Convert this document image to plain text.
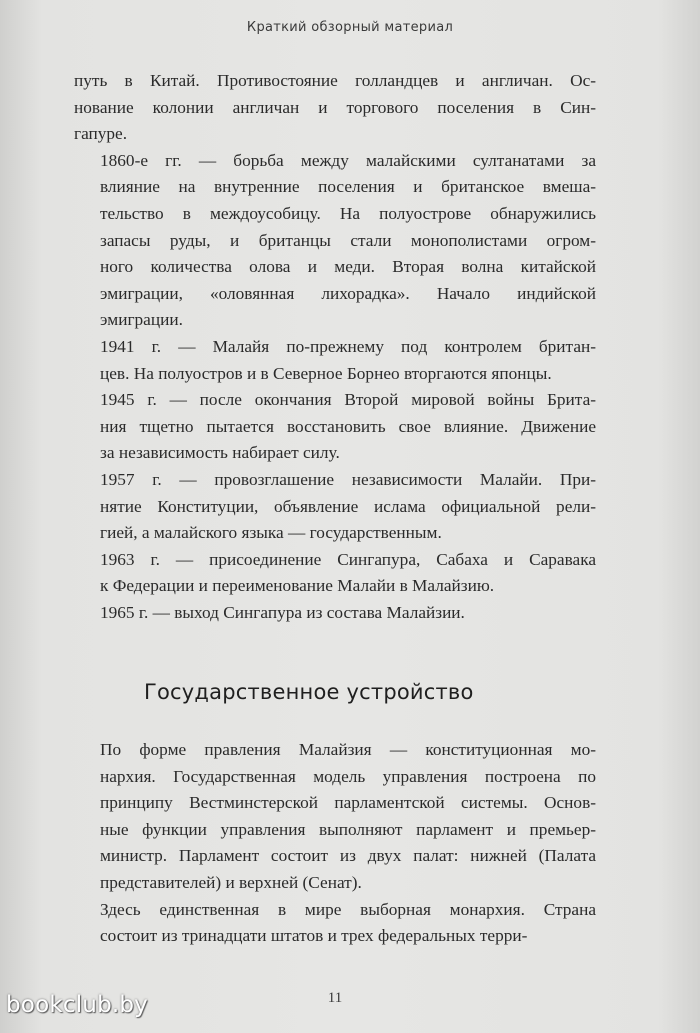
Краткий обзорный материал

путь в Китай. Противостояние голландцев и англичан. Ос-
нование колонии англичан и торгового поселения в Син-
гапуре.

1860-е гг. — борьба между малайскими султанатами за
влияние на внутренние поселения и британское вмеша-
тельство в междоусобицу. На полуострове обнаружились
запасы руды, и британцы стали монополистами огром-
ного количества олова и меди. Вторая волна китайской
эмиграции, «оловянная лихорадка». Начало индийской
эмиграции.

1941 г. — Малайя по-прежнему под контролем британ-
цев. На полуостров и в Северное Борнео вторгаются японцы.

1945 г. — после окончания Второй мировой войны Брита-
ния тщетно пытается восстановить свое влияние. Движение
за независимость набирает силу.

1957 г. — провозглашение независимости Малайи. При-
нятие Конституции, объявление ислама официальной рели-
гией, а малайского языка — государственным.

1963 г. — присоединение Сингапура, Сабаха и Саравака
к Федерации и переименование Малайи в Малайзию.

1965 г. — выход Сингапура из состава Малайзии.

Государственное устройство

По форме правления Малайзия — конституционная мо-
нархия. Государственная модель управления построена по
принципу Вестминстерской парламентской системы. Основ-
ные функции управления выполняют парламент и премьер-
министр. Парламент состоит из двух палат: нижней (Палата
представителей) и верхней (Сенат).

Здесь единственная в мире выборная монархия. Страна
состоит из тринадцати штатов и трех федеральных терри-

11
bookclub.by
